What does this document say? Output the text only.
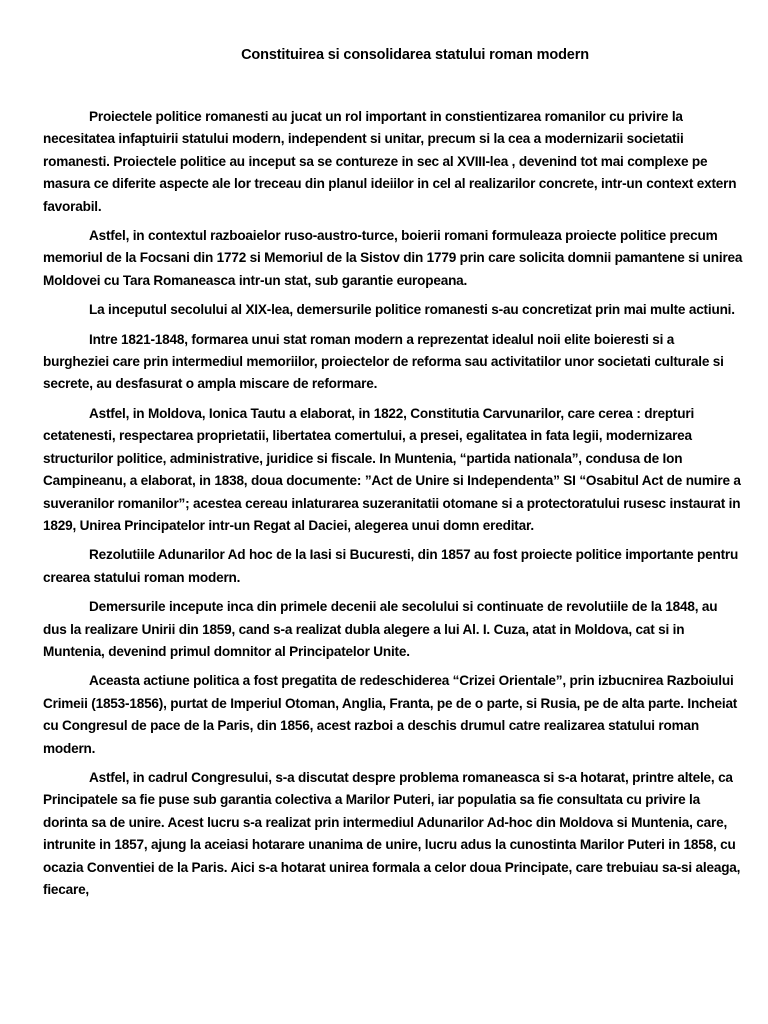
Constituirea si consolidarea statului roman modern

Proiectele politice romanesti au jucat un rol important in constientizarea romanilor cu privire la necesitatea infaptuirii statului modern, independent si unitar, precum si la cea a modernizarii societatii romanesti. Proiectele politice au inceput sa se contureze in sec al XVIII-lea , devenind tot mai complexe pe masura ce diferite aspecte ale lor treceau din planul ideiilor in cel al realizarilor concrete, intr-un context extern favorabil.

Astfel, in contextul razboaielor ruso-austro-turce, boierii romani formuleaza proiecte politice precum memoriul de la Focsani din 1772 si Memoriul de la Sistov din 1779 prin care solicita domnii pamantene si unirea Moldovei cu Tara Romaneasca intr-un stat, sub garantie europeana.

La inceputul secolului al XIX-lea, demersurile politice romanesti s-au concretizat prin mai multe actiuni.

Intre 1821-1848, formarea unui stat roman modern a reprezentat idealul noii elite boieresti si a burgheziei care prin intermediul memoriilor, proiectelor de reforma sau activitatilor unor societati culturale si secrete, au desfasurat o ampla miscare de reformare.

Astfel, in Moldova, Ionica Tautu a elaborat, in 1822, Constitutia Carvunarilor, care cerea : drepturi cetatenesti, respectarea proprietatii, libertatea comertului, a presei, egalitatea in fata legii, modernizarea structurilor politice, administrative, juridice si fiscale. In Muntenia, “partida nationala”, condusa de Ion Campineanu, a elaborat, in 1838, doua documente: ”Act de Unire si Independenta” SI “Osabitul Act de numire a suveranilor romanilor”; acestea cereau inlaturarea suzeranitatii otomane si a protectoratului rusesc instaurat in 1829, Unirea Principatelor intr-un Regat al Daciei, alegerea unui domn ereditar.

Rezolutiile Adunarilor Ad hoc de la Iasi si Bucuresti, din 1857 au fost proiecte politice importante pentru crearea statului roman modern.

Demersurile incepute inca din primele decenii ale secolului si continuate de revolutiile de la 1848, au dus la realizare Unirii din 1859, cand s-a realizat dubla alegere a lui Al. I. Cuza, atat in Moldova, cat si in Muntenia, devenind primul domnitor al Principatelor Unite.

Aceasta actiune politica a fost pregatita de redeschiderea “Crizei Orientale”, prin izbucnirea Razboiului Crimeii (1853-1856), purtat de Imperiul Otoman, Anglia, Franta, pe de o parte, si Rusia, pe de alta parte. Incheiat cu Congresul de pace de la Paris, din 1856, acest razboi a deschis drumul catre realizarea statului roman modern.

Astfel, in cadrul Congresului, s-a discutat despre problema romaneasca si s-a hotarat, printre altele, ca Principatele sa fie puse sub garantia colectiva a Marilor Puteri, iar populatia sa fie consultata cu privire la dorinta sa de unire. Acest lucru s-a realizat prin intermediul Adunarilor Ad-hoc din Moldova si Muntenia, care, intrunite in 1857, ajung la aceiasi hotarare unanima de unire, lucru adus la cunostinta Marilor Puteri in 1858, cu ocazia Conventiei de la Paris. Aici s-a hotarat unirea formala a celor doua Principate, care trebuiau sa-si aleaga, fiecare,
